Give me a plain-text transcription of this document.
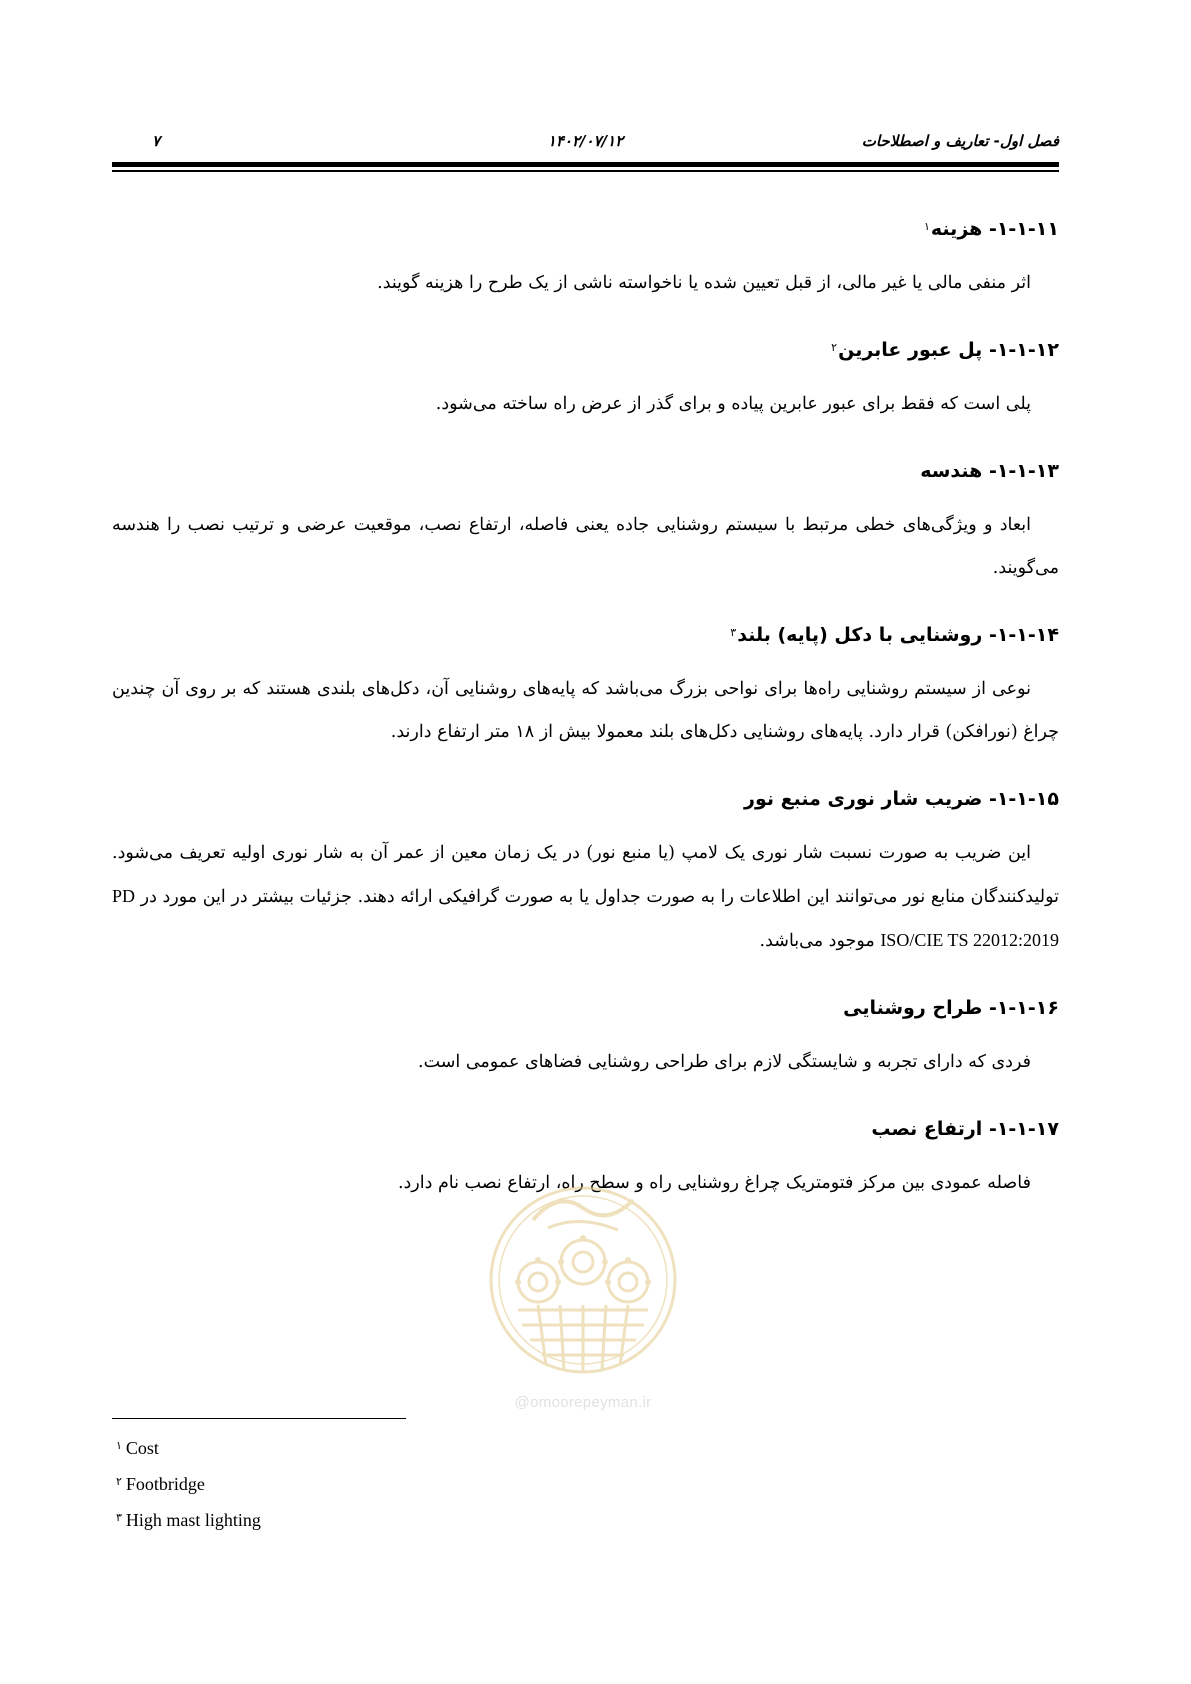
فصل اول- تعاریف و اصطلاحات
۱۴۰۲/۰۷/۱۲
۷
۱-۱-۱۱- هزینه$^۱$

اثر منفی مالی یا غیر مالی، از قبل تعیین شده یا ناخواسته ناشی از یک طرح را هزینه گویند.

۱-۱-۱۲- پل عبور عابرین$^۲$

پلی است که فقط برای عبور عابرین پیاده و برای گذر از عرض راه ساخته می‌شود.

۱-۱-۱۳- هندسه

ابعاد و ویژگی‌های خطی مرتبط با سیستم روشنایی جاده یعنی فاصله، ارتفاع نصب، موقعیت عرضی و ترتیب نصب را هندسه می‌گویند.

۱-۱-۱۴- روشنایی با دکل (پایه) بلند$^۳$

نوعی از سیستم روشنایی راه‌ها برای نواحی بزرگ می‌باشد که پایه‌های روشنایی آن، دکل‌های بلندی هستند که بر روی آن چندین چراغ (نورافکن) قرار دارد. پایه‌های روشنایی دکل‌های بلند معمولا بیش از ۱۸ متر ارتفاع دارند.

۱-۱-۱۵- ضریب شار نوری منبع نور

این ضریب به صورت نسبت شار نوری یک لامپ (یا منبع نور) در یک زمان معین از عمر آن به شار نوری اولیه تعریف می‌شود. تولیدکنندگان منابع نور می‌توانند این اطلاعات را به صورت جداول یا به صورت گرافیکی ارائه دهند. جزئیات بیشتر در این مورد در PD ISO/CIE TS 22012:2019 موجود می‌باشد.

۱-۱-۱۶- طراح روشنایی

فردی که دارای تجربه و شایستگی لازم برای طراحی روشنایی فضاهای عمومی است.

۱-۱-۱۷- ارتفاع نصب

فاصله عمودی بین مرکز فتومتریک چراغ روشنایی راه و سطح راه، ارتفاع نصب نام دارد.

@omoorepeyman.ir
$^۱$ Cost
$^۲$ Footbridge
$^۳$ High mast lighting
